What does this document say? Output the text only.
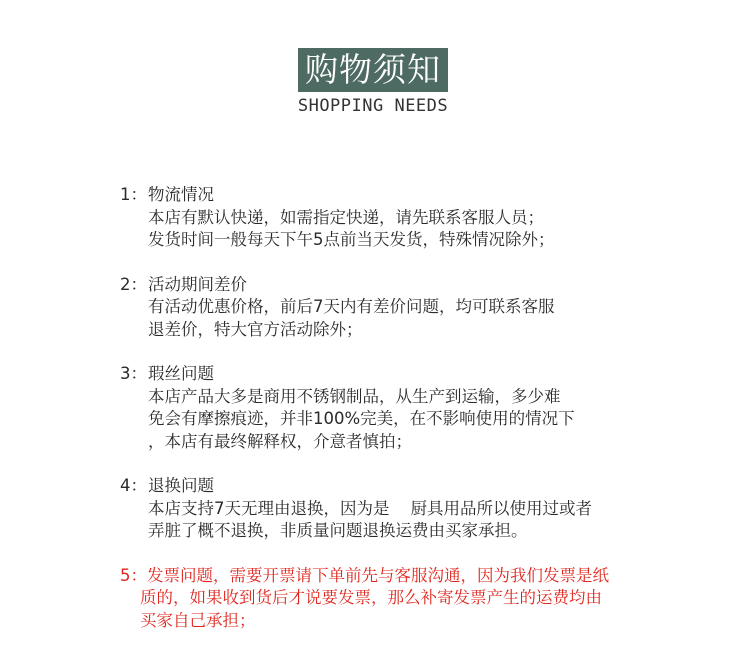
购物须知
SHOPPING NEEDS
1： 物流情况
本店有默认快递，如需指定快递，请先联系客服人员；
发货时间一般每天下午5点前当天发货，特殊情况除外；
2： 活动期间差价
有活动优惠价格，前后7天内有差价问题，均可联系客服
退差价，特大官方活动除外；
3： 瑕丝问题
本店产品大多是商用不锈钢制品，从生产到运输，多少难
免会有摩擦痕迹，并非100%完美，在不影响使用的情况下
，本店有最终解释权，介意者慎拍；
4： 退换问题
本店支持7天无理由退换，因为是    厨具用品所以使用过或者
弄脏了概不退换，非质量问题退换运费由买家承担。
5：发票问题，需要开票请下单前先与客服沟通，因为我们发票是纸
质的，如果收到货后才说要发票，那么补寄发票产生的运费均由
买家自己承担；
